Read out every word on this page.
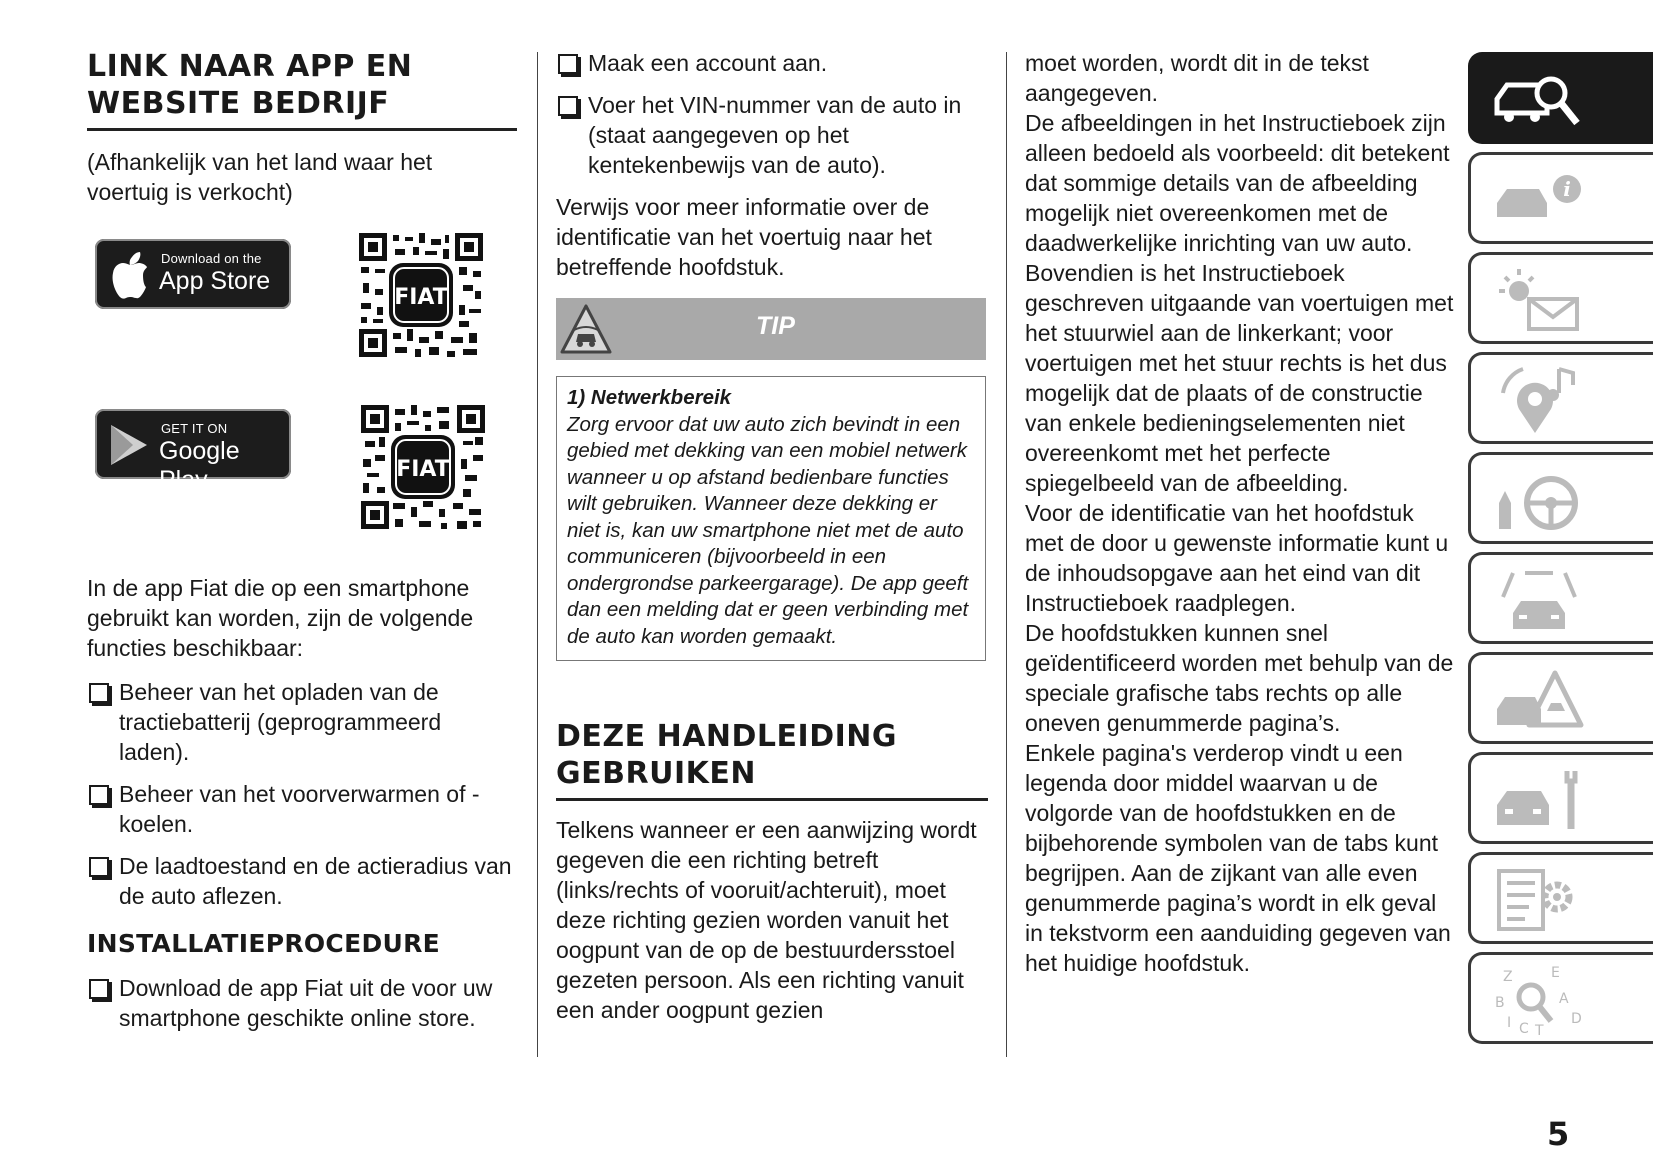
LINK NAAR APP EN WEBSITE BEDRIJF

(Afhankelijk van het land waar het voertuig is verkocht)

Download on the
App Store
FIAT
GET IT ON
Google Play	FIAT

In de app Fiat die op een smartphone gebruikt kan worden, zijn de volgende functies beschikbaar:

Beheer van het opladen van de tractiebatterij (geprogrammeerd laden).

Beheer van het voorverwarmen of -koelen.

De laadtoestand en de actieradius van de auto aflezen.

INSTALLATIEPROCEDURE

Download de app Fiat uit de voor uw smartphone geschikte online store.

Maak een account aan.

Voer het VIN-nummer van de auto in (staat aangegeven op het kentekenbewijs van de auto).

Verwijs voor meer informatie over de identificatie van het voertuig naar het betreffende hoofdstuk.

TIP
1) Netwerkbereik
Zorg ervoor dat uw auto zich bevindt in een gebied met dekking van een mobiel netwerk wanneer u op afstand bedienbare functies wilt gebruiken. Wanneer deze dekking er niet is, kan uw smartphone niet met de auto communiceren (bijvoorbeeld in een ondergrondse parkeergarage). De app geeft dan een melding dat er geen verbinding met de auto kan worden gemaakt.
DEZE HANDLEIDING GEBRUIKEN

Telkens wanneer er een aanwijzing wordt gegeven die een richting betreft (links/rechts of vooruit/achteruit), moet deze richting gezien worden vanuit het oogpunt van de op de bestuurdersstoel gezeten persoon. Als een richting vanuit een ander oogpunt gezien

moet worden, wordt dit in de tekst aangegeven.

De afbeeldingen in het Instructieboek zijn alleen bedoeld als voorbeeld: dit betekent dat sommige details van de afbeelding mogelijk niet overeenkomen met de daadwerkelijke inrichting van uw auto. Bovendien is het Instructieboek geschreven uitgaande van voertuigen met het stuurwiel aan de linkerkant; voor voertuigen met het stuur rechts is het dus mogelijk dat de plaats of de constructie van enkele bedieningselementen niet overeenkomt met het perfecte spiegelbeeld van de afbeelding.

Voor de identificatie van het hoofdstuk met de door u gewenste informatie kunt u de inhoudsopgave aan het eind van dit Instructieboek raadplegen.

De hoofdstukken kunnen snel geïdentificeerd worden met behulp van de speciale grafische tabs rechts op alle oneven genummerde pagina’s.

Enkele pagina's verderop vindt u een legenda door middel waarvan u de volgorde van de hoofdstukken en de bijbehorende symbolen van de tabs kunt begrijpen. Aan de zijkant van alle even genummerde pagina’s wordt in elk geval in tekstvorm een aanduiding gegeven van het huidige hoofdstuk.

i
Z	E
B	A
I C T
D
5
